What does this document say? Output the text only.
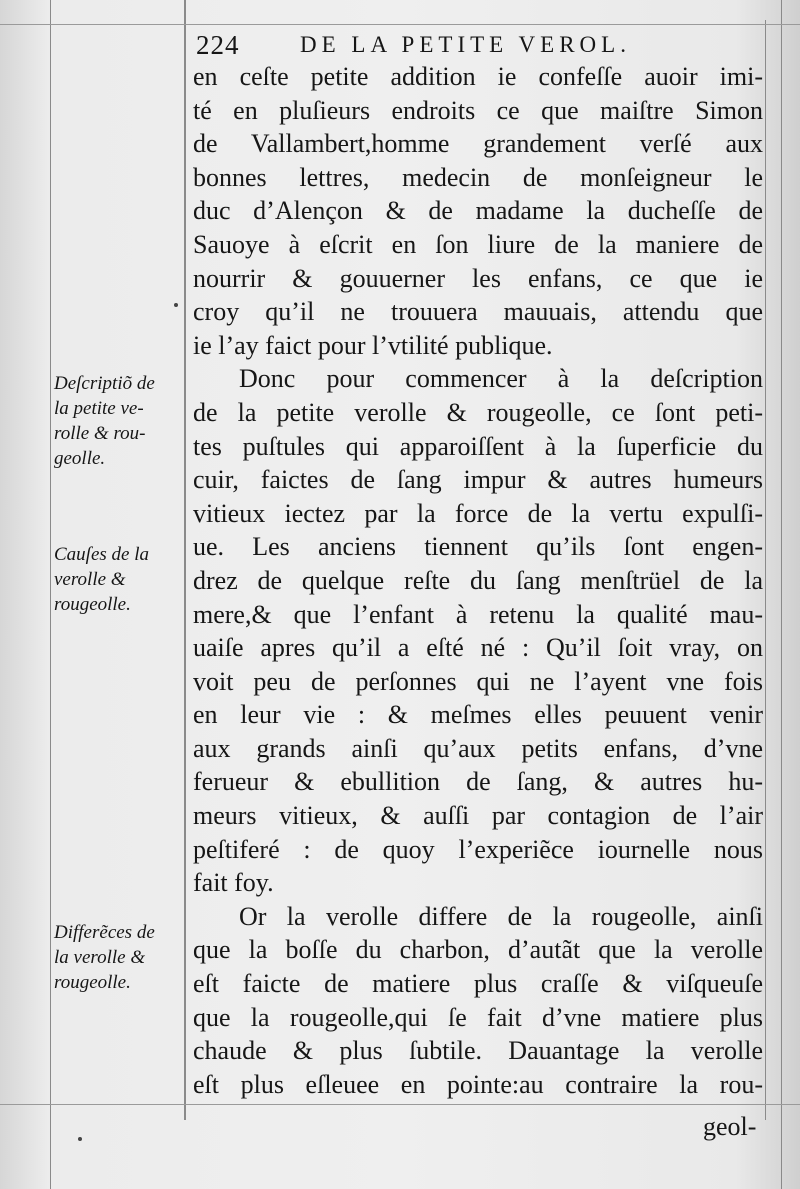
224	DE LA PETITE VEROL.
Deſcriptiõ de
la petite ve-
rolle & rou-
geolle.
Cauſes de la
verolle &
rougeolle.
Differẽces de
la verolle &
rougeolle.
en ceſte petite addition ie confeſſe auoir imi-
té en pluſieurs endroits ce que maiſtre Simon
de Vallambert,homme grandement verſé aux
bonnes lettres, medecin de monſeigneur le
duc d’Alençon & de madame la ducheſſe de
Sauoye à eſcrit en ſon liure de la maniere de
nourrir & gouuerner les enfans, ce que ie
croy qu’il ne trouuera mauuais, attendu que
ie l’ay faict pour l’vtilité publique.
Donc pour commencer à la deſcription
de la petite verolle & rougeolle, ce ſont peti-
tes puſtules qui apparoiſſent à la ſuperficie du
cuir, faictes de ſang impur & autres humeurs
vitieux iectez par la force de la vertu expulſi-
ue. Les anciens tiennent qu’ils ſont engen-
drez de quelque reſte du ſang menſtrüel de la
mere,& que l’enfant à retenu la qualité mau-
uaiſe apres qu’il a eſté né : Qu’il ſoit vray, on
voit peu de perſonnes qui ne l’ayent vne fois
en leur vie : & meſmes elles peuuent venir
aux grands ainſi qu’aux petits enfans, d’vne
ferueur & ebullition de ſang, & autres hu-
meurs vitieux, & auſſi par contagion de l’air
peſtiferé : de quoy l’experiẽce iournelle nous
fait foy.
Or la verolle differe de la rougeolle, ainſi
que la boſſe du charbon, d’autãt que la verolle
eſt faicte de matiere plus craſſe & viſqueuſe
que la rougeolle,qui ſe fait d’vne matiere plus
chaude & plus ſubtile. Dauantage la verolle
eſt plus eſleuee en pointe:au contraire la rou-
geol-
